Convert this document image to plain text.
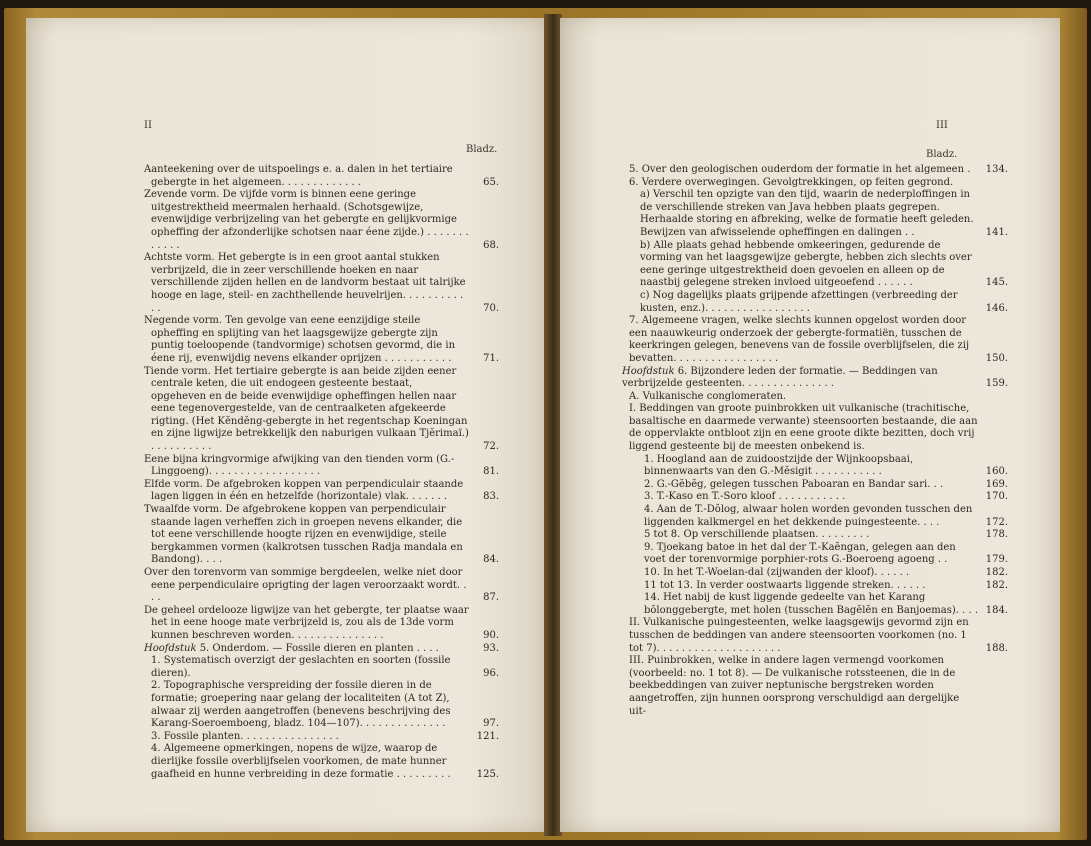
II
Bladz.
Aanteekening over de uitspoelings e. a. dalen in het tertiaire gebergte in het algemeen. . . . . . . . . . . . .	65.
Zevende vorm. De vijfde vorm is binnen eene geringe uitgestrektheid meermalen herhaald. (Schotsgewijze, evenwijdige verbrijzeling van het gebergte en gelijkvormige opheffing der afzonderlijke schotsen naar éene zijde.) . . . . . . . . . . . .	68.
Achtste vorm. Het gebergte is in een groot aantal stukken verbrijzeld, die in zeer verschillende hoeken en naar verschillende zijden hellen en de landvorm bestaat uit talrijke hooge en lage, steil- en zachthellende heuvelrijen. . . . . . . . . . . .	70.
Negende vorm. Ten gevolge van eene eenzijdige steile opheffing en splijting van het laagsgewijze gebergte zijn puntig toeloopende (tandvormige) schotsen gevormd, die in éene rij, evenwijdig nevens elkander oprijzen . . . . . . . . . . .	71.
Tiende vorm. Het tertiaire gebergte is aan beide zijden eener centrale keten, die uit endogeen gesteente bestaat, opgeheven en de beide evenwijdige opheffingen hellen naar eene tegenovergestelde, van de centraalketen afgekeerde rigting. (Het Kĕndĕng-gebergte in het regentschap Koeningan en zijne ligwijze betrekkelijk den naburigen vulkaan Tjĕrimaï.) . . . . . . . . . .	72.
Eene bijna kringvormige afwijking van den tienden vorm (G.-Linggoeng). . . . . . . . . . . . . . . . . .	81.
Elfde vorm. De afgebroken koppen van perpendiculair staande lagen liggen in één en hetzelfde (horizontale) vlak. . . . . . .	83.
Twaalfde vorm. De afgebrokene koppen van perpendiculair staande lagen verheffen zich in groepen nevens elkander, die tot eene verschillende hoogte rijzen en evenwijdige, steile bergkammen vormen (kalkrotsen tusschen Radja mandala en Bandong). . . .	84.
Over den torenvorm van sommige bergdeelen, welke niet door eene perpendiculaire oprigting der lagen veroorzaakt wordt. . . .	87.
De geheel ordelooze ligwijze van het gebergte, ter plaatse waar het in eene hooge mate verbrijzeld is, zou als de 13de vorm kunnen beschreven worden. . . . . . . . . . . . . . .	90.
Hoofdstuk 5. Onderdom. — Fossile dieren en planten . . . .	93.
1. Systematisch overzigt der geslachten en soorten (fossile dieren).	96.
2. Topographische verspreiding der fossile dieren in de formatie; groepering naar gelang der localiteiten (A tot Z), alwaar zij werden aangetroffen (benevens beschrijving des Karang-Soeroemboeng, bladz. 104—107). . . . . . . . . . . . . .	97.
3. Fossile planten. . . . . . . . . . . . . . . .	121.
4. Algemeene opmerkingen, nopens de wijze, waarop de dierlijke fossile overblijfselen voorkomen, de mate hunner gaafheid en hunne verbreiding in deze formatie . . . . . . . . .	125.
III
Bladz.
5. Over den geologischen ouderdom der formatie in het algemeen . 134.
6. Verdere overwegingen. Gevolgtrekkingen, op feiten gegrond.
a) Verschil ten opzigte van den tijd, waarin de nederploffingen in de verschillende streken van Java hebben plaats gegrepen. Herhaalde storing en afbreking, welke de formatie heeft geleden. Bewijzen van afwisselende opheffingen en dalingen . .	141.
b) Alle plaats gehad hebbende omkeeringen, gedurende de vorming van het laagsgewijze gebergte, hebben zich slechts over eene geringe uitgestrektheid doen gevoelen en alleen op de naastbij gelegene streken invloed uitgeoefend . . . . . .	145.
c) Nog dagelijks plaats grijpende afzettingen (verbreeding der kusten, enz.). . . . . . . . . . . . . . . . .	146.
7. Algemeene vragen, welke slechts kunnen opgelost worden door een naauwkeurig onderzoek der gebergte-formatiën, tusschen de keerkringen gelegen, benevens van de fossile overblijfselen, die zij bevatten. . . . . . . . . . . . . . . . .	150.
Hoofdstuk 6. Bijzondere leden der formatie. — Beddingen van verbrijzelde gesteenten. . . . . . . . . . . . . . .	159.
A. Vulkanische conglomeraten.
I. Beddingen van groote puinbrokken uit vulkanische (trachitische, basaltische en daarmede verwante) steensoorten bestaande, die aan de oppervlakte ontbloot zijn en eene groote dikte bezitten, doch vrij liggend gesteente bij de meesten onbekend is.
1. Hoogland aan de zuidoostzijde der Wijnkoopsbaai, binnenwaarts van den G.-Mĕsigit . . . . . . . . . . .	160.
2. G.-Gĕbĕg, gelegen tusschen Paboaran en Bandar sari. . .	169.
3. T.-Kaso en T.-Soro kloof . . . . . . . . . . .	170.
4. Aan de T.-Dŏlog, alwaar holen worden gevonden tusschen den liggenden kalkmergel en het dekkende puingesteente. . . .	172.
5 tot 8. Op verschillende plaatsen. . . . . . . . .	178.
9. Tjoekang batoe in het dal der T.-Kaĕngan, gelegen aan den voet der torenvormige porphier-rots G.-Boeroeng agoeng . .	179.
10. In het T.-Woelan-dal (zijwanden der kloof). . . . . .	182.
11 tot 13. In verder oostwaarts liggende streken. . . . . .	182.
14. Het nabij de kust liggende gedeelte van het Karang bŏlonggebergte, met holen (tusschen Bagĕlĕn en Banjoemas). . . . 184.
II. Vulkanische puingesteenten, welke laagsgewijs gevormd zijn en tusschen de beddingen van andere steensoorten voorkomen (no. 1 tot 7). . . . . . . . . . . . . . . . . . . .	188.
III. Puinbrokken, welke in andere lagen vermengd voorkomen (voorbeeld: no. 1 tot 8). — De vulkanische rotssteenen, die in de beekbeddingen van zuiver neptunische bergstreken worden aangetroffen, zijn hunnen oorsprong verschuldigd aan dergelijke uit-
